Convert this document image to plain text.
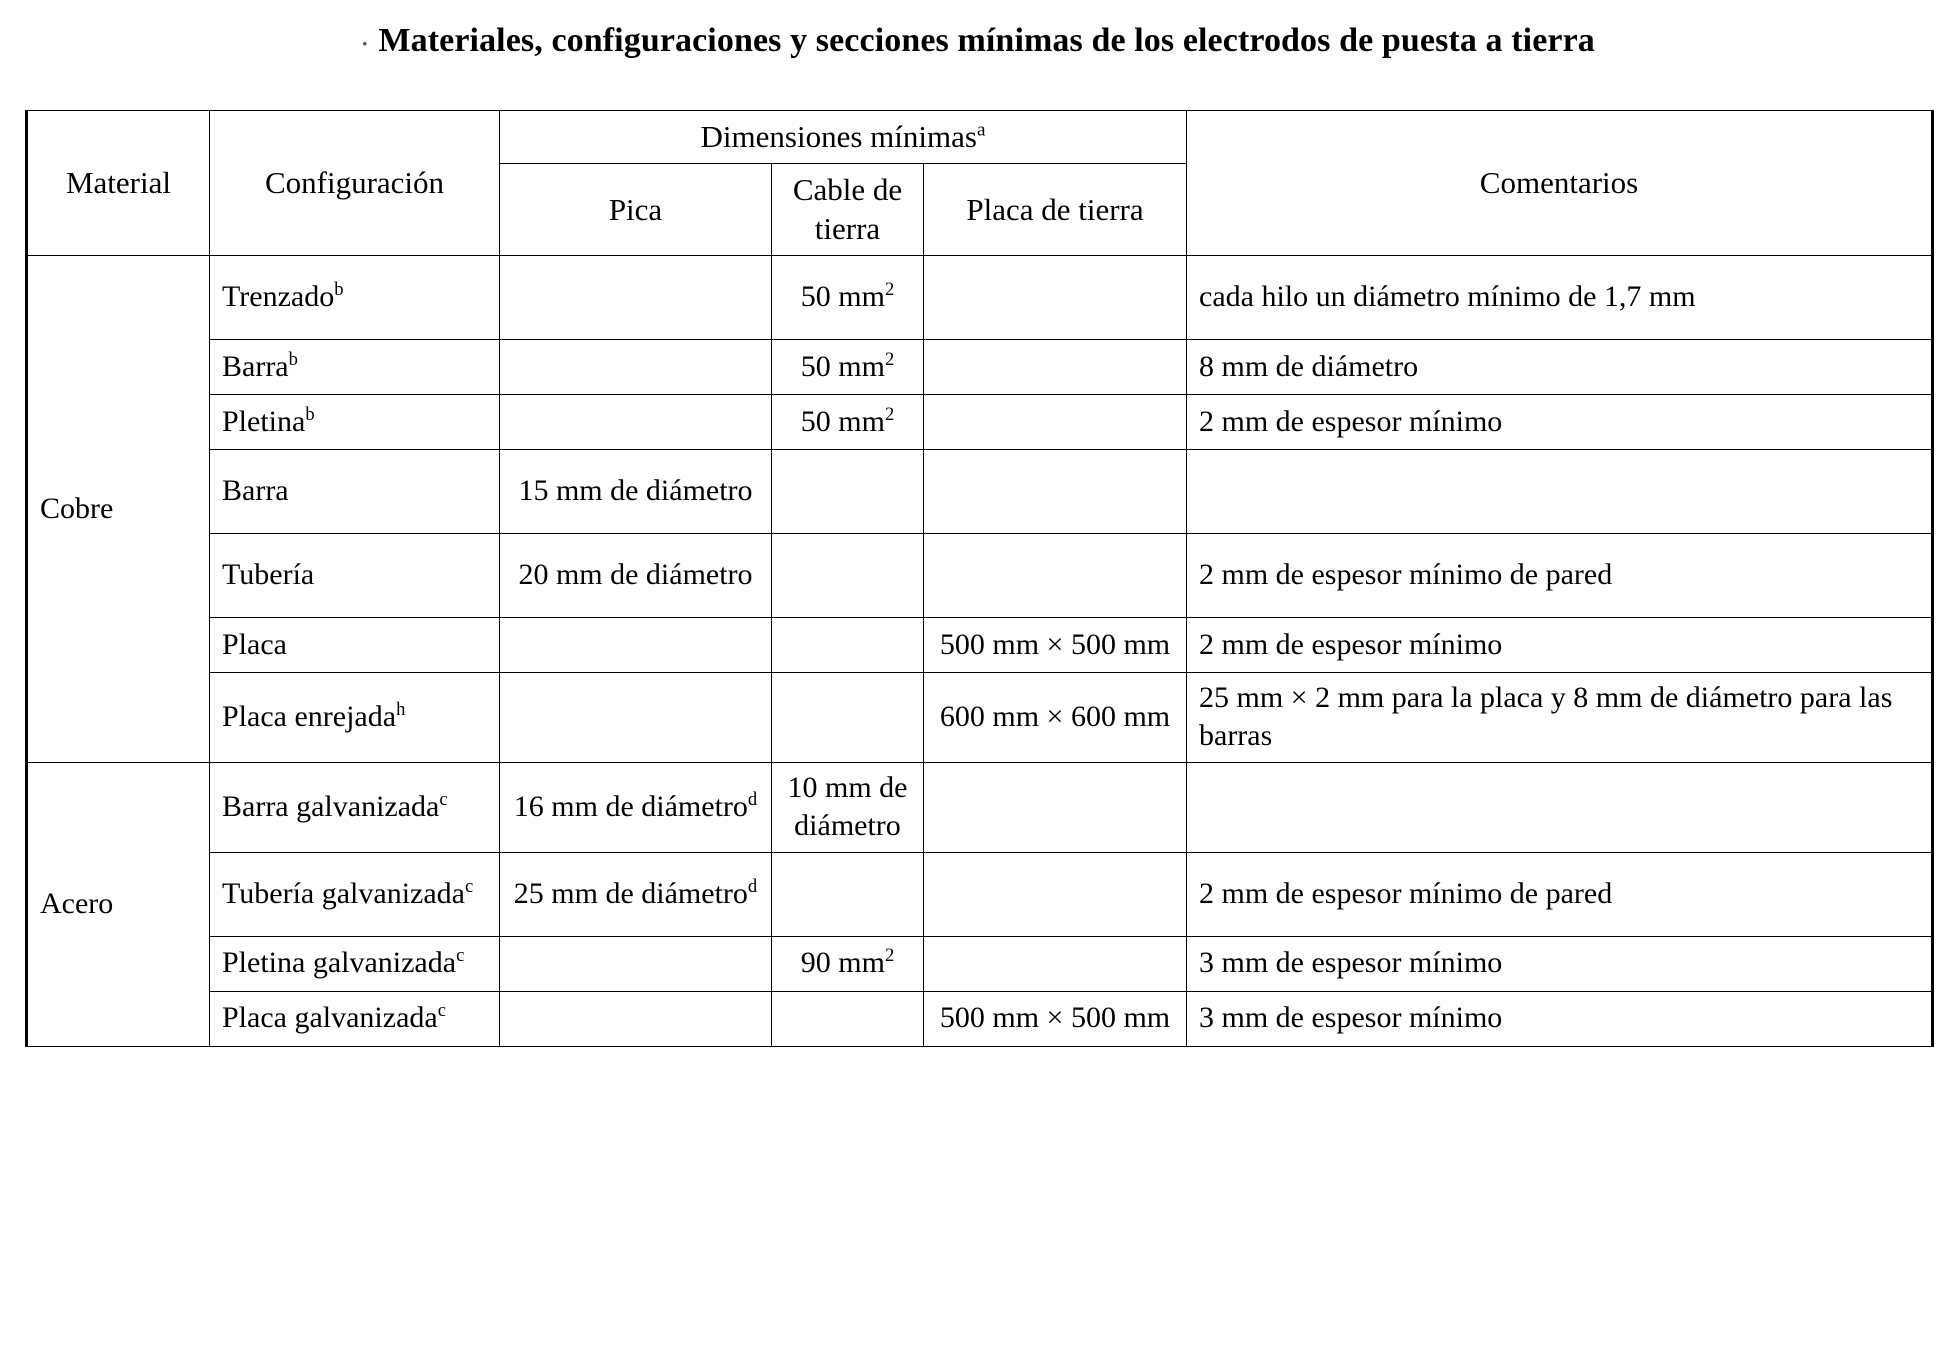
· Materiales, configuraciones y secciones mínimas de los electrodos de puesta a tierra
Material	Configuración	Dimensiones mínimas$^a$			Comentarios
		Pica	Cable de tierra	Placa de tierra	
Cobre	Trenzado$^b$		50 $mm^2$		cada hilo un diámetro mínimo de 1,7 mm
	Barra$^b$		50 $mm^2$		8 mm de diámetro
	Pletina$^b$		50 $mm^2$		2 mm de espesor mínimo
	Barra	15 mm de diámetro			
	Tubería	20 mm de diámetro			2 mm de espesor mínimo de pared
	Placa			500 mm × 500 mm	2 mm de espesor mínimo
	Placa enrejada$^h$			600 mm × 600 mm	25 mm × 2 mm para la placa y 8 mm de diámetro para las barras
Acero	Barra galvanizada$^c$	16 mm de diámetro$^d$	10 mm de diámetro		
	Tubería galvanizada$^c$	25 mm de diámetro$^d$			2 mm de espesor mínimo de pared
	Pletina galvanizada$^c$		90 $mm^2$		3 mm de espesor mínimo
	Placa galvanizada$^c$			500 mm × 500 mm	3 mm de espesor mínimo
